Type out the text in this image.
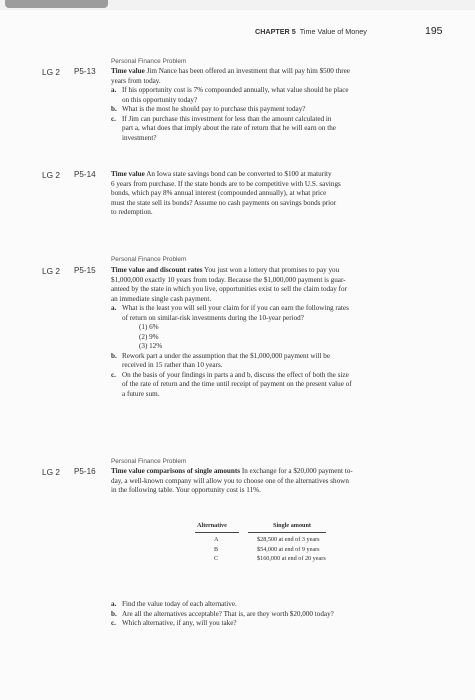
CHAPTER 5 Time Value of Money	195
Personal Finance Problem
LG 2 P5-13 Time value Jim Nance has been offered an investment that will pay him $500 three
years from today.
a. If his opportunity cost is 7% compounded annually, what value should he place
on this opportunity today?
b. What is the most he should pay to purchase this payment today?
c. If Jim can purchase this investment for less than the amount calculated in
part a, what does that imply about the rate of return that he will earn on the
investment?
LG 2 P5-14 Time value An Iowa state savings bond can be converted to $100 at maturity
6 years from purchase. If the state bonds are to be competitive with U.S. savings
bonds, which pay 8% annual interest (compounded annually), at what price
must the state sell its bonds? Assume no cash payments on savings bonds prior
to redemption.
Personal Finance Problem
LG 2 P5-15 Time value and discount rates You just won a lottery that promises to pay you
$1,000,000 exactly 10 years from today. Because the $1,000,000 payment is guar-
anteed by the state in which you live, opportunities exist to sell the claim today for
an immediate single cash payment.
a. What is the least you will sell your claim for if you can earn the following rates
of return on similar-risk investments during the 10-year period?
(1) 6%
(2) 9%
(3) 12%
b. Rework part a under the assumption that the $1,000,000 payment will be
received in 15 rather than 10 years.
c. On the basis of your findings in parts a and b, discuss the effect of both the size
of the rate of return and the time until receipt of payment on the present value of
a future sum.
Personal Finance Problem
LG 2 P5-16 Time value comparisons of single amounts In exchange for a $20,000 payment to-
day, a well-known company will allow you to choose one of the alternatives shown
in the following table. Your opportunity cost is 11%.
Alternative	Single amount
A	$28,500 at end of 3 years
B	$54,000 at end of 9 years
C	$160,000 at end of 20 years
a. Find the value today of each alternative.
b. Are all the alternatives acceptable? That is, are they worth $20,000 today?
c. Which alternative, if any, will you take?
